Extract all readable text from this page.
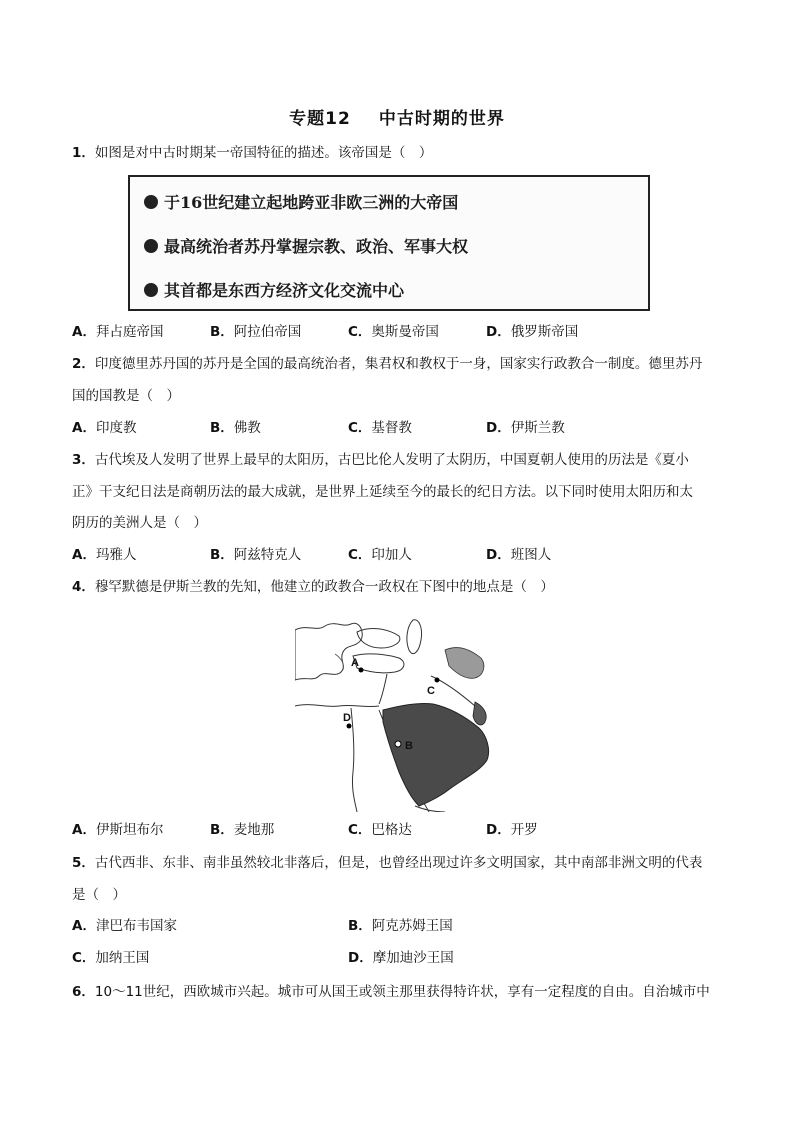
专题12 中古时期的世界
1．如图是对中古时期某一帝国特征的描述。该帝国是（　）
于16世纪建立起地跨亚非欧三洲的大帝国
最高统治者苏丹掌握宗教、政治、军事大权
其首都是东西方经济文化交流中心
A．拜占庭帝国	B．阿拉伯帝国	C．奥斯曼帝国	D．俄罗斯帝国
2．印度德里苏丹国的苏丹是全国的最高统治者，集君权和教权于一身，国家实行政教合一制度。德里苏丹
国的国教是（　）
A．印度教	B．佛教	C．基督教	D．伊斯兰教
3．古代埃及人发明了世界上最早的太阳历，古巴比伦人发明了太阴历，中国夏朝人使用的历法是《夏小
正》干支纪日法是商朝历法的最大成就，是世界上延续至今的最长的纪日方法。以下同时使用太阳历和太
阴历的美洲人是（　）
A．玛雅人	B．阿兹特克人	C．印加人	D．班图人
4．穆罕默德是伊斯兰教的先知，他建立的政教合一政权在下图中的地点是（　）
A
B
C
D
A．伊斯坦布尔	B．麦地那	C．巴格达	D．开罗
5．古代西非、东非、南非虽然较北非落后，但是，也曾经出现过许多文明国家，其中南部非洲文明的代表
是（　）
A．津巴布韦国家	B．阿克苏姆王国
C．加纳王国	D．摩加迪沙王国
6．10～11世纪，西欧城市兴起。城市可从国王或领主那里获得特许状，享有一定程度的自由。自治城市中
